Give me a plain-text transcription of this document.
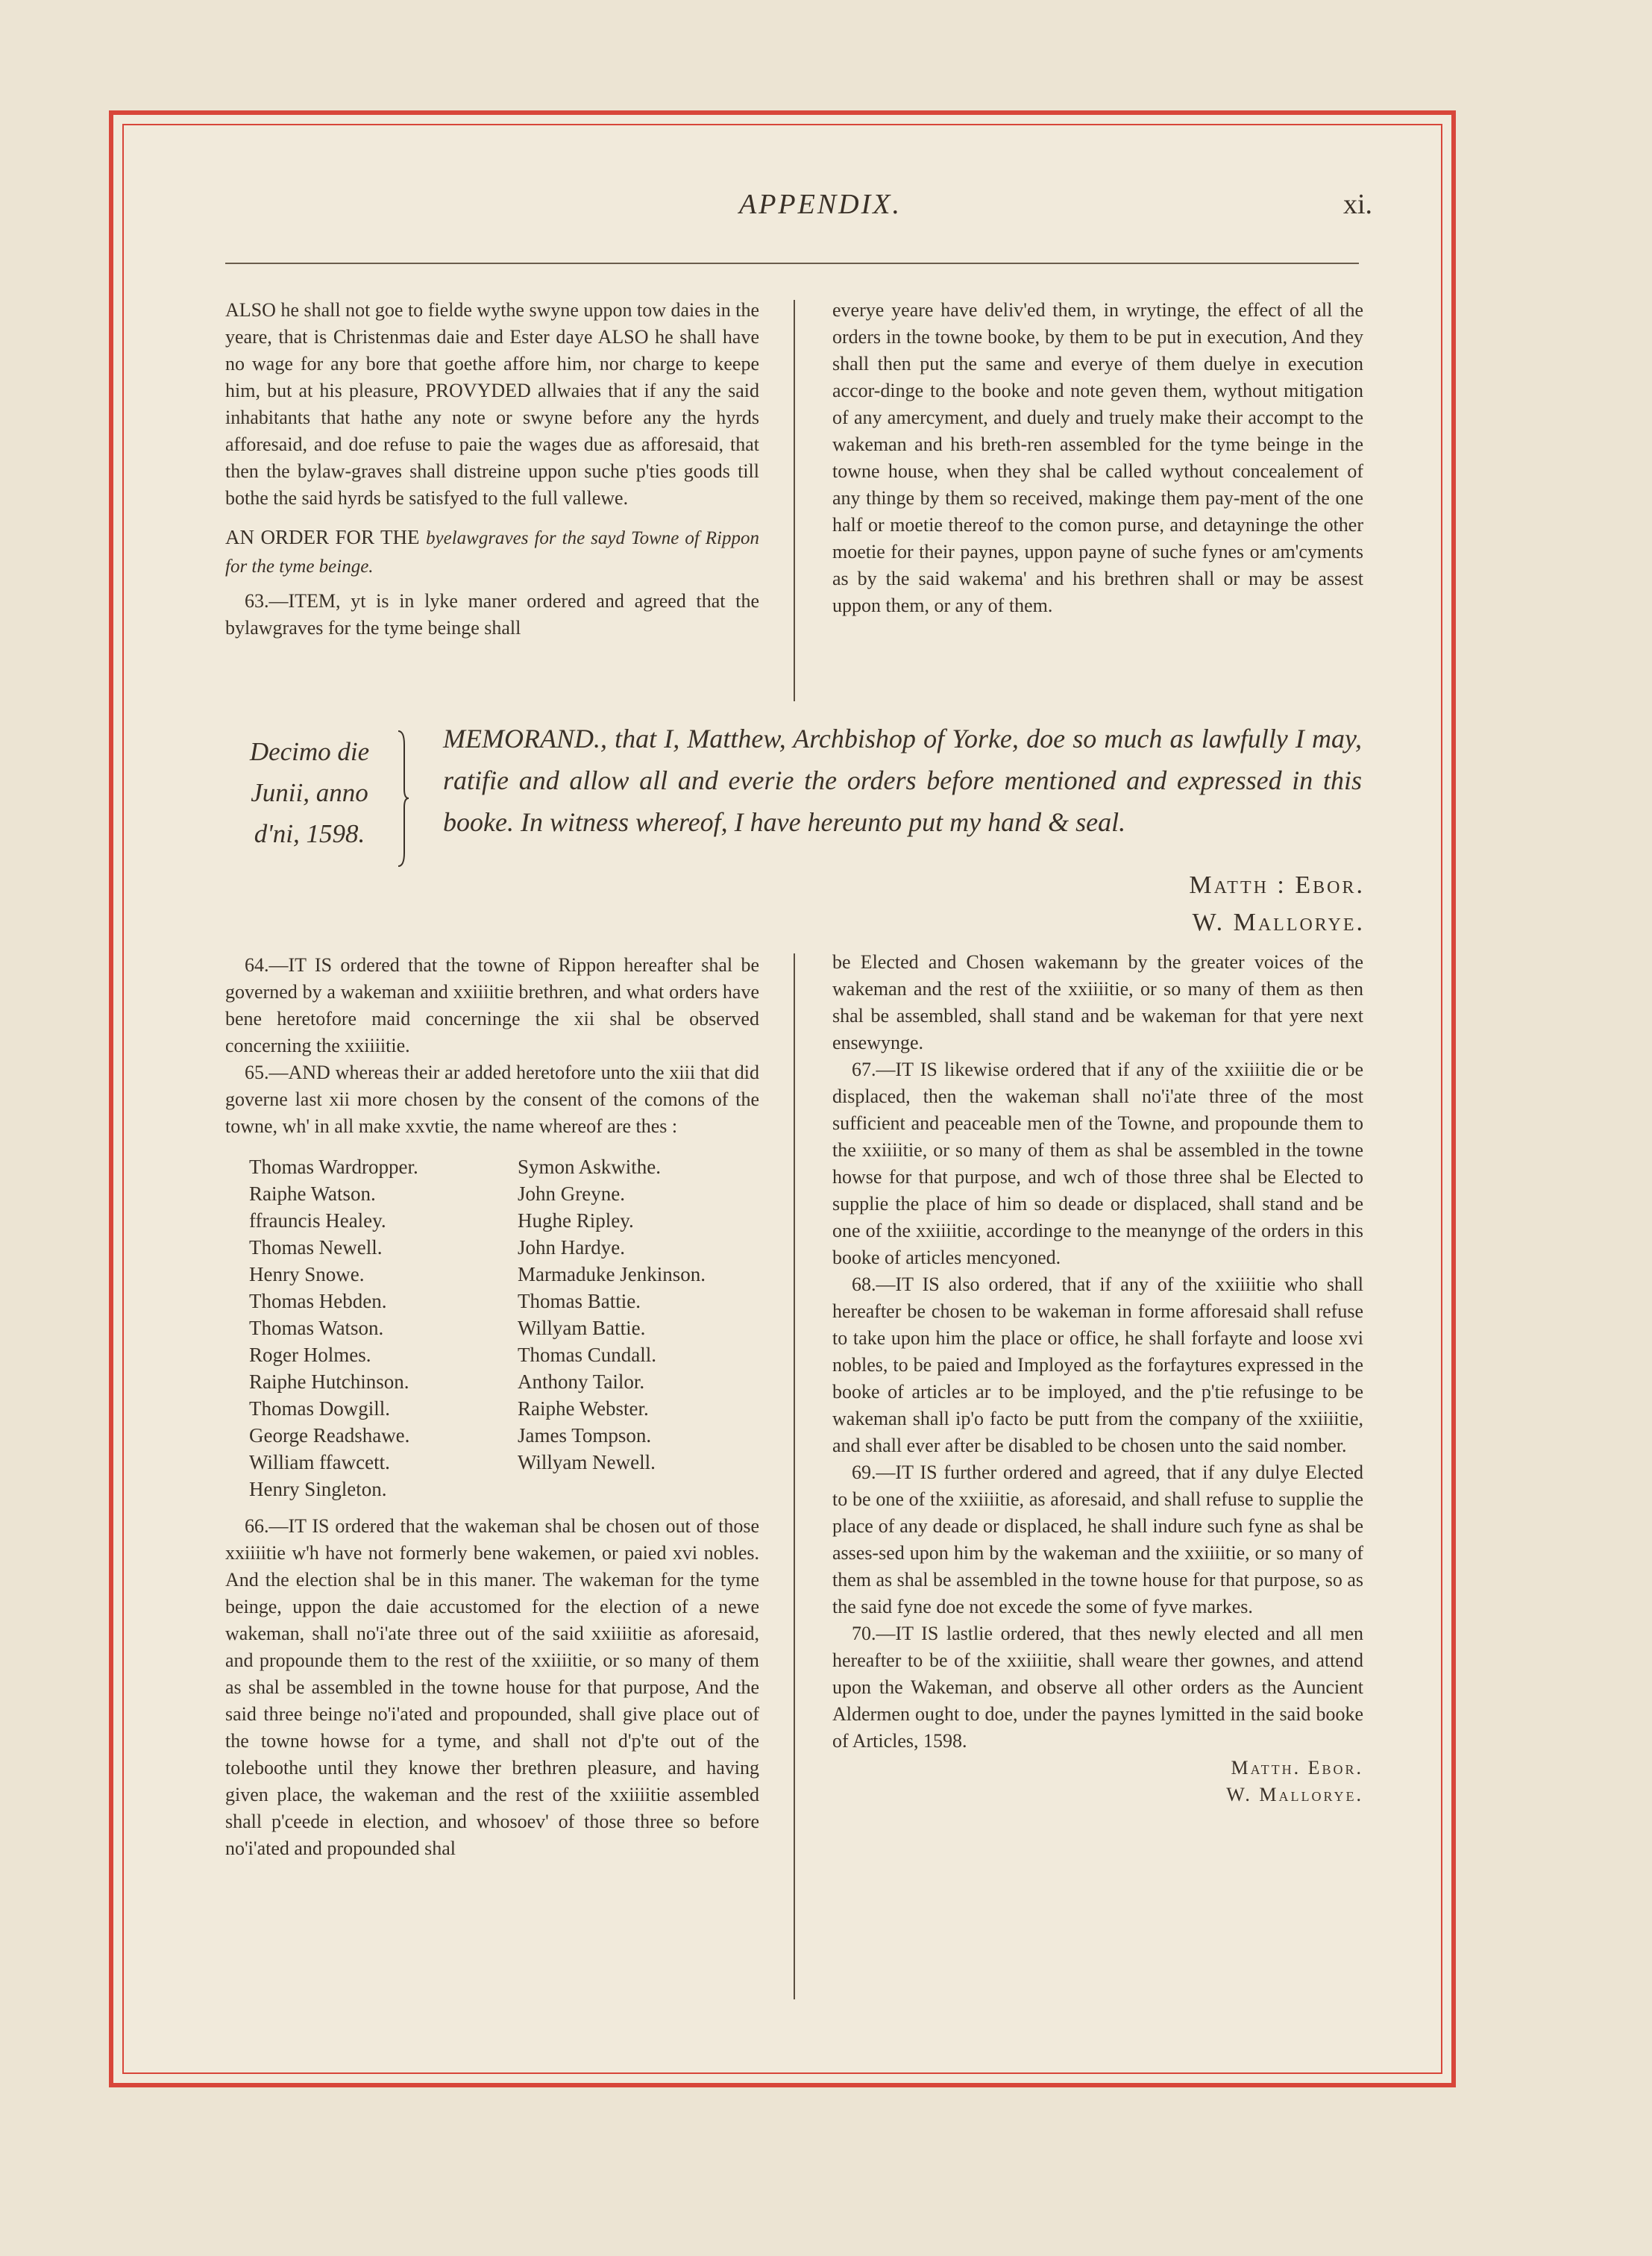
APPENDIX.	xi.

ALSO he shall not goe to fielde wythe swyne uppon tow daies in the yeare, that is Christenmas daie and Ester daye ALSO he shall have no wage for any bore that goethe affore him, nor charge to keepe him, but at his pleasure, PROVYDED allwaies that if any the said inhabitants that hathe any note or swyne before any the hyrds afforesaid, and doe refuse to paie the wages due as afforesaid, that then the bylaw-graves shall distreine uppon suche p'ties goods till bothe the said hyrds be satisfyed to the full vallewe.

AN ORDER FOR THE byelawgraves for the sayd Towne of Rippon for the tyme beinge.

63.—ITEM, yt is in lyke maner ordered and agreed that the bylawgraves for the tyme beinge shall

everye yeare have deliv'ed them, in wrytinge, the effect of all the orders in the towne booke, by them to be put in execution, And they shall then put the same and everye of them duelye in execution accor-dinge to the booke and note geven them, wythout mitigation of any amercyment, and duely and truely make their accompt to the wakeman and his breth-ren assembled for the tyme beinge in the towne house, when they shal be called wythout concealement of any thinge by them so received, makinge them pay-ment of the one half or moetie thereof to the comon purse, and detayninge the other moetie for their paynes, uppon payne of suche fynes or am'cyments as by the said wakema' and his brethren shall or may be assest uppon them, or any of them.

Decimo die
Junii, anno
d'ni, 1598.
MEMORAND., that I, Matthew, Archbishop of Yorke, doe so much as lawfully I may, ratifie and allow all and everie the orders before mentioned and expressed in this booke. In witness whereof, I have hereunto put my hand & seal.
Matth : Ebor.
W. Mallorye.

64.—IT IS ordered that the towne of Rippon hereafter shal be governed by a wakeman and xxiiiitie brethren, and what orders have bene heretofore maid concerninge the xii shal be observed concerning the xxiiiitie.

65.—AND whereas their ar added heretofore unto the xiii that did governe last xii more chosen by the consent of the comons of the towne, wh' in all make xxvtie, the name whereof are thes :

Thomas Wardropper.
Raiphe Watson.
ffrauncis Healey.
Thomas Newell.
Henry Snowe.
Thomas Hebden.
Thomas Watson.
Roger Holmes.
Raiphe Hutchinson.
Thomas Dowgill.
George Readshawe.
William ffawcett.
Henry Singleton.
Symon Askwithe.
John Greyne.
Hughe Ripley.
John Hardye.
Marmaduke Jenkinson.
Thomas Battie.
Willyam Battie.
Thomas Cundall.
Anthony Tailor.
Raiphe Webster.
James Tompson.
Willyam Newell.

66.—IT IS ordered that the wakeman shal be chosen out of those xxiiiitie w'h have not formerly bene wakemen, or paied xvi nobles. And the election shal be in this maner. The wakeman for the tyme beinge, uppon the daie accustomed for the election of a newe wakeman, shall no'i'ate three out of the said xxiiiitie as aforesaid, and propounde them to the rest of the xxiiiitie, or so many of them as shal be assembled in the towne house for that purpose, And the said three beinge no'i'ated and propounded, shall give place out of the towne howse for a tyme, and shall not d'p'te out of the toleboothe until they knowe ther brethren pleasure, and having given place, the wakeman and the rest of the xxiiiitie assembled shall p'ceede in election, and whosoev' of those three so before no'i'ated and propounded shal

be Elected and Chosen wakemann by the greater voices of the wakeman and the rest of the xxiiiitie, or so many of them as then shal be assembled, shall stand and be wakeman for that yere next ensewynge.

67.—IT IS likewise ordered that if any of the xxiiiitie die or be displaced, then the wakeman shall no'i'ate three of the most sufficient and peaceable men of the Towne, and propounde them to the xxiiiitie, or so many of them as shal be assembled in the towne howse for that purpose, and wch of those three shal be Elected to supplie the place of him so deade or displaced, shall stand and be one of the xxiiiitie, accordinge to the meanynge of the orders in this booke of articles mencyoned.

68.—IT IS also ordered, that if any of the xxiiiitie who shall hereafter be chosen to be wakeman in forme afforesaid shall refuse to take upon him the place or office, he shall forfayte and loose xvi nobles, to be paied and Imployed as the forfaytures expressed in the booke of articles ar to be imployed, and the p'tie refusinge to be wakeman shall ip'o facto be putt from the company of the xxiiiitie, and shall ever after be disabled to be chosen unto the said nomber.

69.—IT IS further ordered and agreed, that if any dulye Elected to be one of the xxiiiitie, as aforesaid, and shall refuse to supplie the place of any deade or displaced, he shall indure such fyne as shal be asses-sed upon him by the wakeman and the xxiiiitie, or so many of them as shal be assembled in the towne house for that purpose, so as the said fyne doe not excede the some of fyve markes.

70.—IT IS lastlie ordered, that thes newly elected and all men hereafter to be of the xxiiiitie, shall weare ther gownes, and attend upon the Wakeman, and observe all other orders as the Auncient Aldermen ought to doe, under the paynes lymitted in the said booke of Articles, 1598.

Matth. Ebor.
W. Mallorye.
